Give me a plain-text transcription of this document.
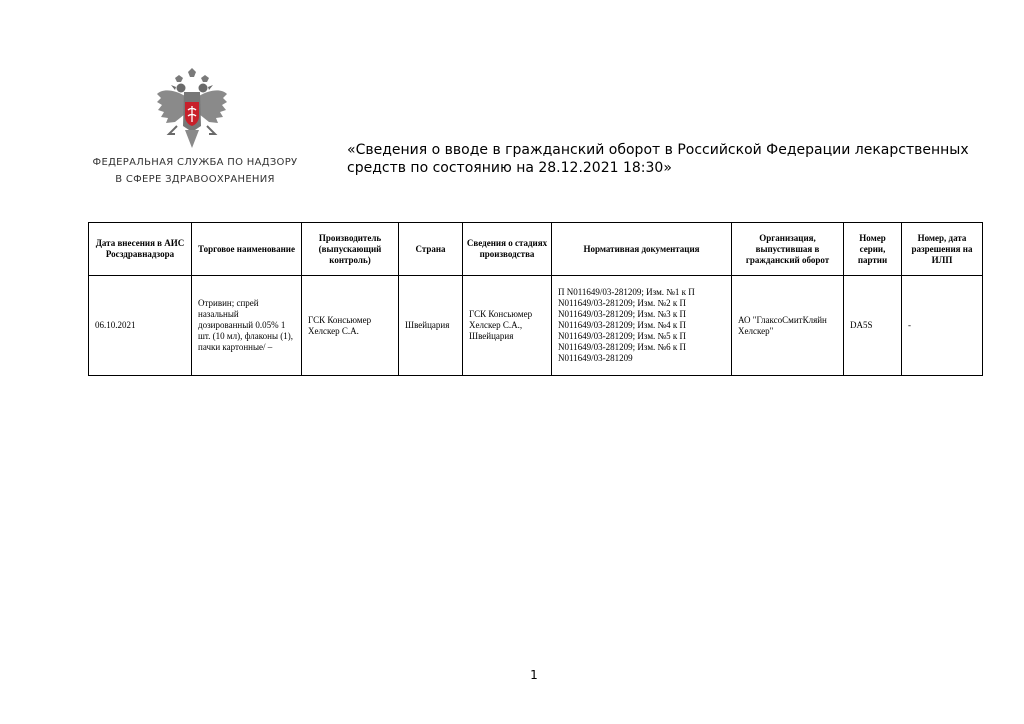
ФЕДЕРАЛЬНАЯ СЛУЖБА ПО НАДЗОРУ
В СФЕРЕ ЗДРАВООХРАНЕНИЯ
«Сведения о вводе в гражданский оборот в Российской Федерации лекарственных средств по состоянию на 28.12.2021 18:30»
Дата внесения в АИС Росздравнадзора	Торговое наименование	Производитель (выпускающий контроль)	Страна	Сведения о стадиях производства	Нормативная документация	Организация, выпустившая в гражданский оборот	Номер серии, партии	Номер, дата разрешения на ИЛП
06.10.2021	Отривин; спрей назальный дозированный 0.05% 1 шт. (10 мл), флаконы (1), пачки картонные/ –	ГСК Консьюмер Хелскер С.А.	Швейцария	ГСК Консьюмер Хелскер С.А., Швейцария	П N011649/03-281209; Изм. №1 к П N011649/03-281209; Изм. №2 к П N011649/03-281209; Изм. №3 к П N011649/03-281209; Изм. №4 к П N011649/03-281209; Изм. №5 к П N011649/03-281209; Изм. №6 к П N011649/03-281209	АО "ГлаксоСмитКляйн Хелскер"	DA5S	-
1
